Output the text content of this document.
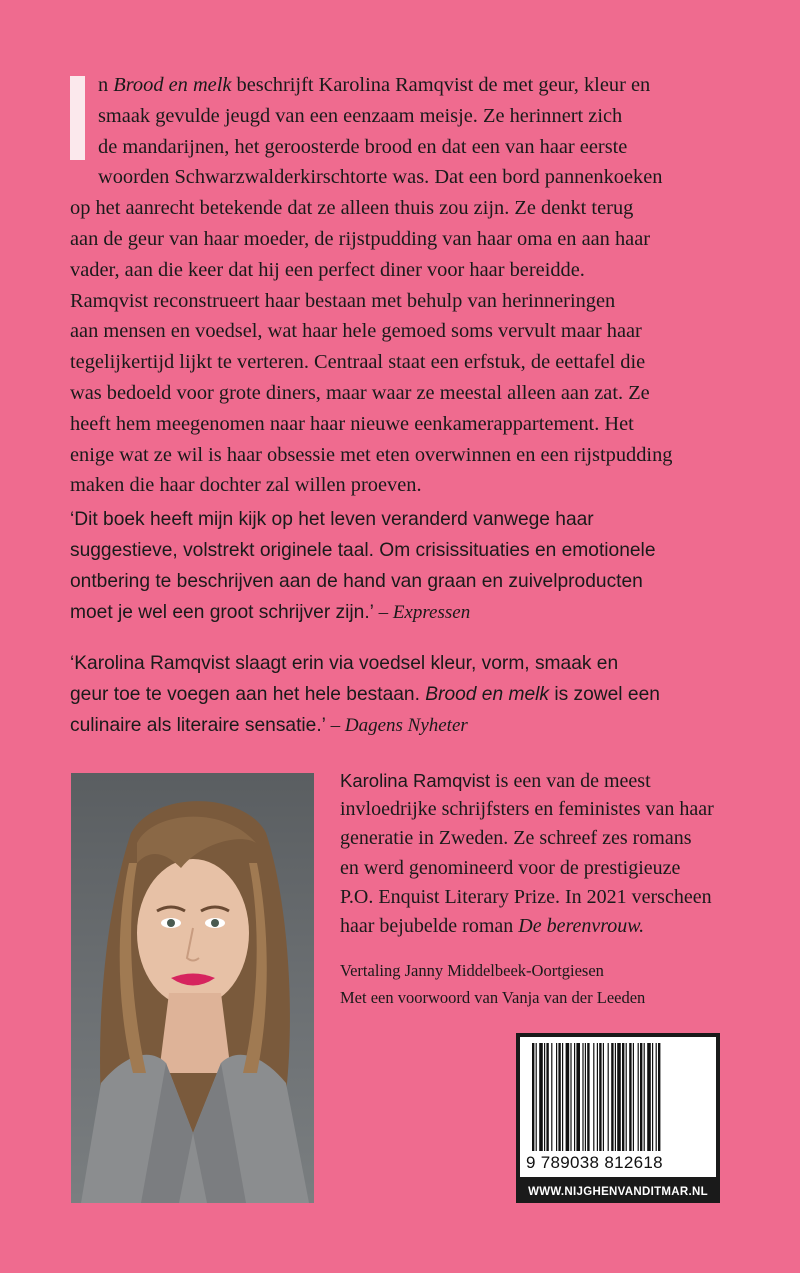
n Brood en melk beschrijft Karolina Ramqvist de met geur, kleur en
smaak gevulde jeugd van een eenzaam meisje. Ze herinnert zich
de mandarijnen, het geroosterde brood en dat een van haar eerste
woorden Schwarzwalderkirschtorte was. Dat een bord pannenkoeken
op het aanrecht betekende dat ze alleen thuis zou zijn. Ze denkt terug
aan de geur van haar moeder, de rijstpudding van haar oma en aan haar
vader, aan die keer dat hij een perfect diner voor haar bereidde.
Ramqvist reconstrueert haar bestaan met behulp van herinneringen
aan mensen en voedsel, wat haar hele gemoed soms vervult maar haar
tegelijkertijd lijkt te verteren. Centraal staat een erfstuk, de eettafel die
was bedoeld voor grote diners, maar waar ze meestal alleen aan zat. Ze
heeft hem meegenomen naar haar nieuwe eenkamerappartement. Het
enige wat ze wil is haar obsessie met eten overwinnen en een rijstpudding
maken die haar dochter zal willen proeven.
‘Dit boek heeft mijn kijk op het leven veranderd vanwege haar
suggestieve, volstrekt originele taal. Om crisissituaties en emotionele
ontbering te beschrijven aan de hand van graan en zuivelproducten
moet je wel een groot schrijver zijn.’ – Expressen
‘Karolina Ramqvist slaagt erin via voedsel kleur, vorm, smaak en
geur toe te voegen aan het hele bestaan. Brood en melk is zowel een
culinaire als literaire sensatie.’ – Dagens Nyheter
Karolina Ramqvist is een van de meest
invloedrijke schrijfsters en feministes van haar
generatie in Zweden. Ze schreef zes romans
en werd genomineerd voor de prestigieuze
P.O. Enquist Literary Prize. In 2021 verscheen
haar bejubelde roman De berenvrouw.
Vertaling Janny Middelbeek-Oortgiesen
Met een voorwoord van Vanja van der Leeden
9 789038 812618
WWW.NIJGHENVANDITMAR.NL
